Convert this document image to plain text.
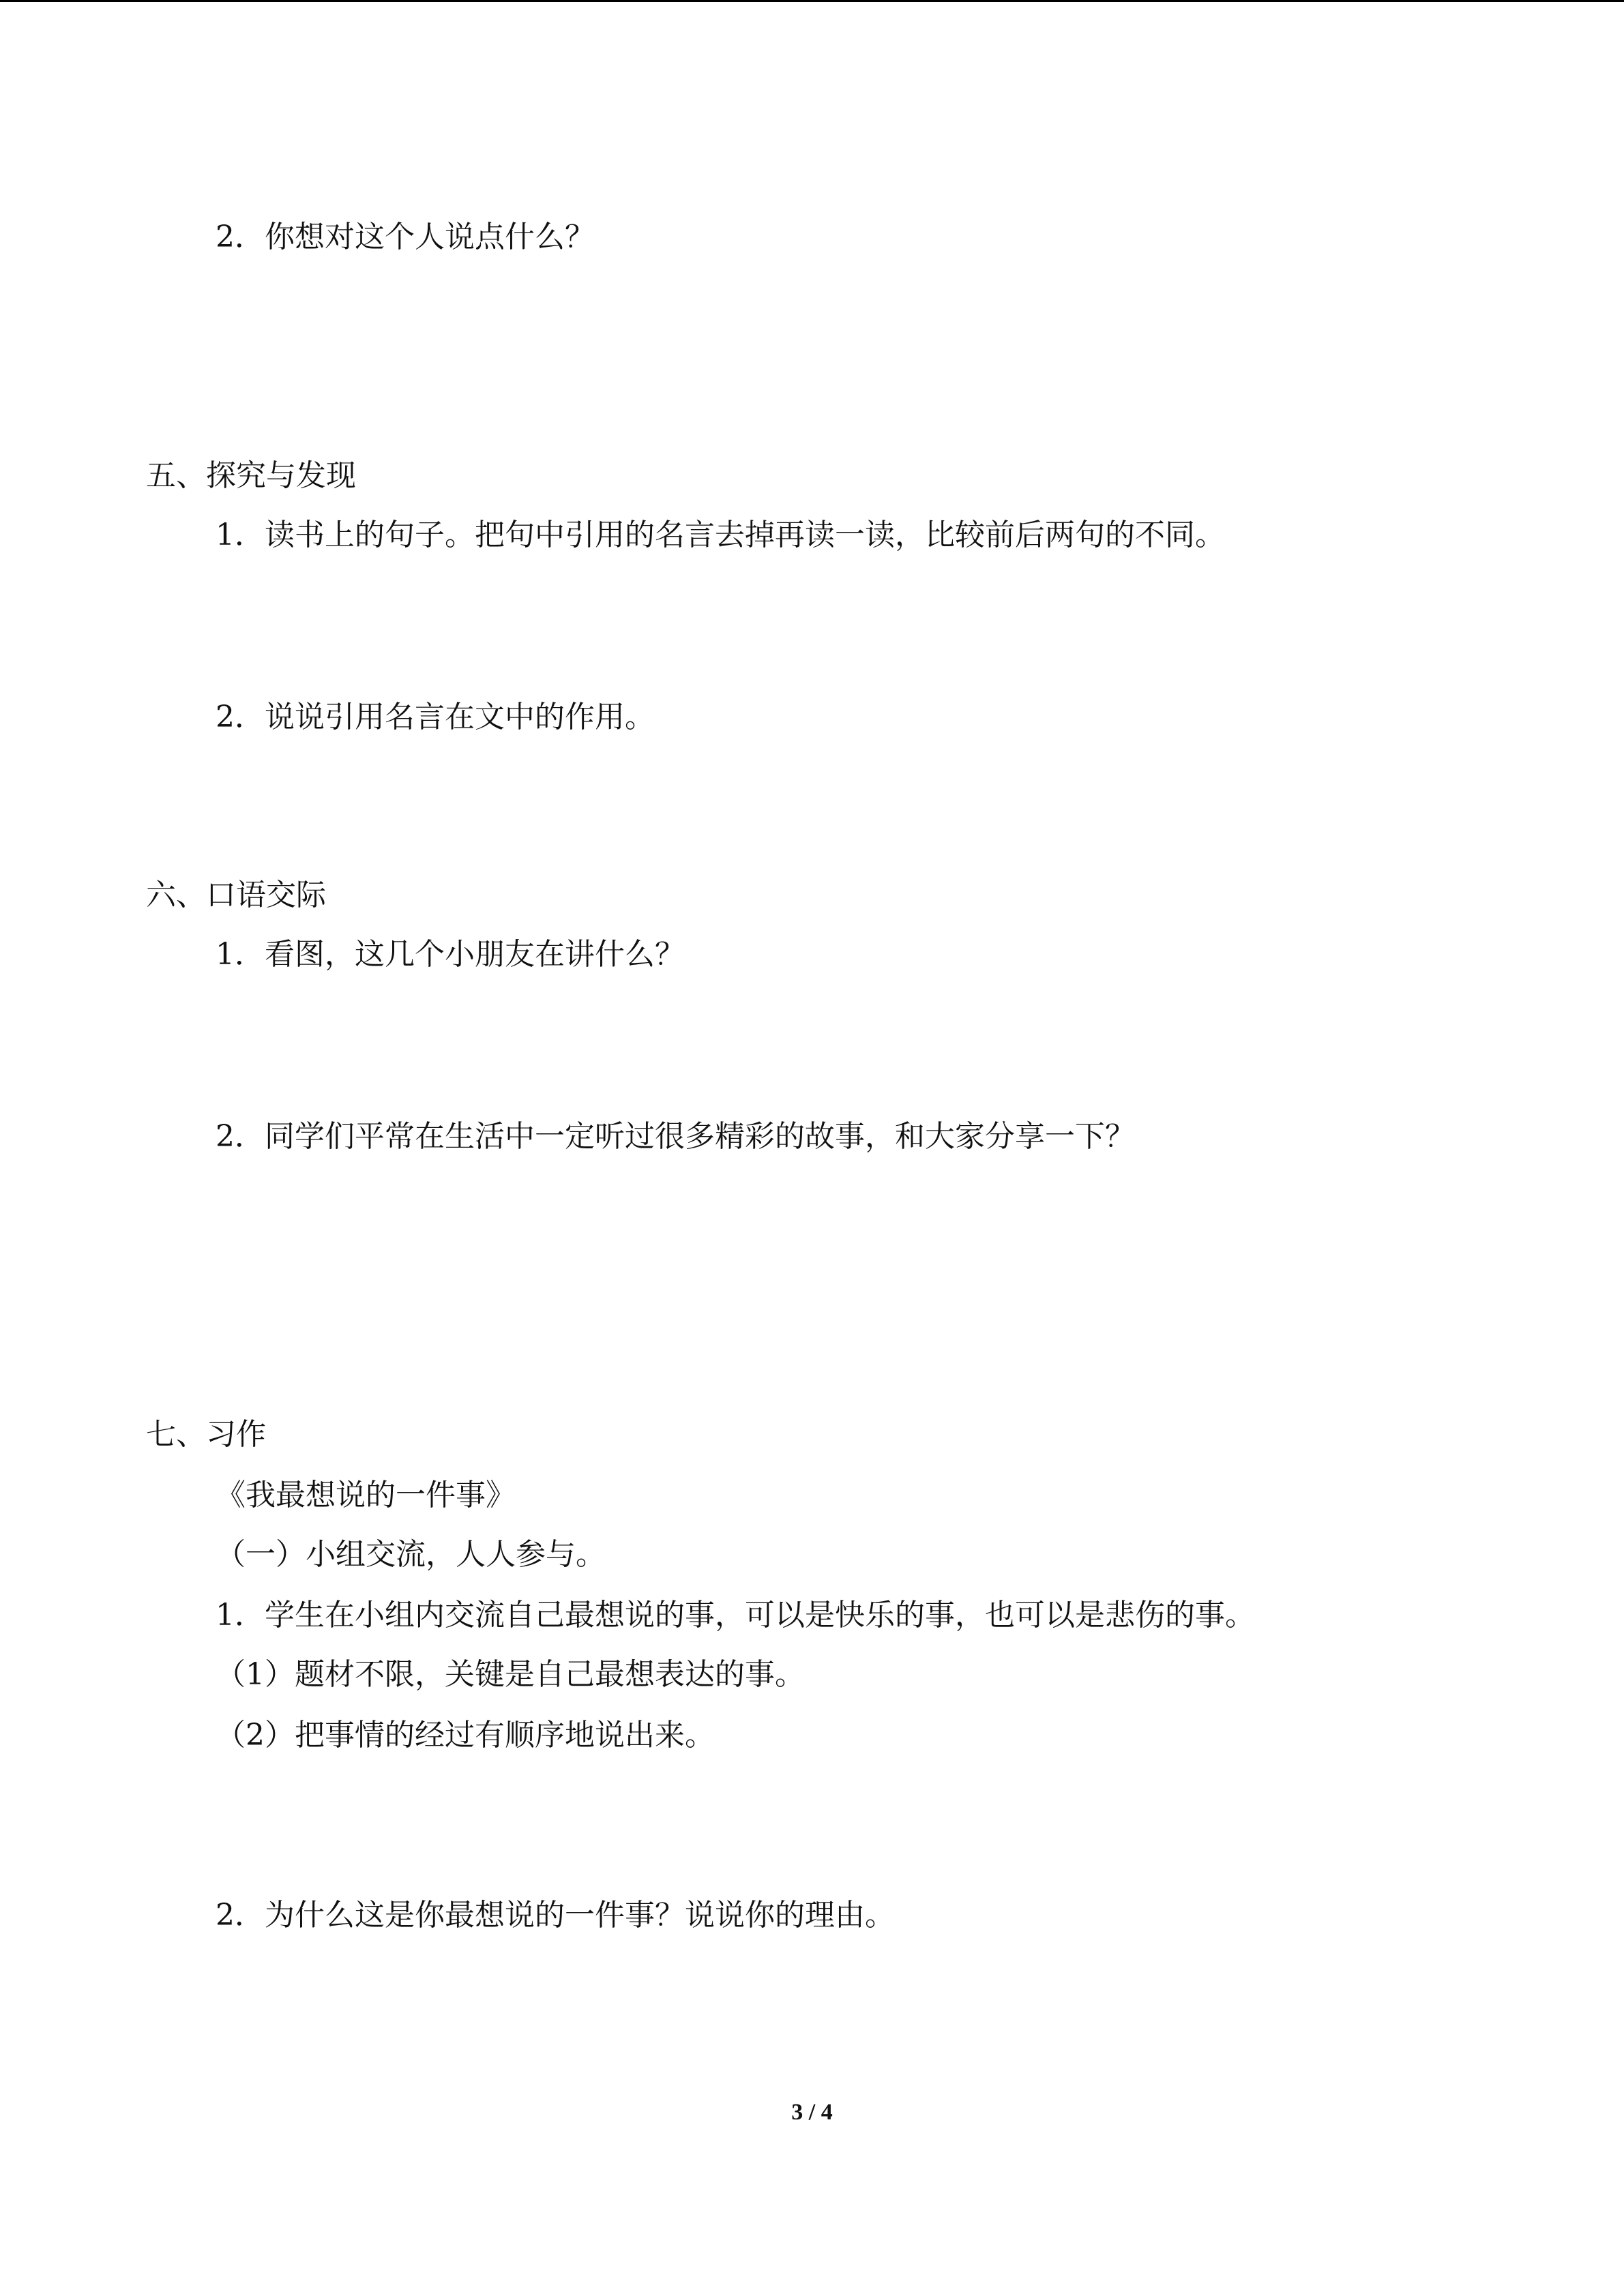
2．你想对这个人说点什么？
五、探究与发现
1．读书上的句子。把句中引用的名言去掉再读一读，比较前后两句的不同。
2．说说引用名言在文中的作用。
六、口语交际
1．看图，这几个小朋友在讲什么？
2．同学们平常在生活中一定听过很多精彩的故事，和大家分享一下？
七、习作
《我最想说的一件事》
（一）小组交流，人人参与。
1．学生在小组内交流自己最想说的事，可以是快乐的事，也可以是悲伤的事。
（1）题材不限，关键是自己最想表达的事。
（2）把事情的经过有顺序地说出来。
2．为什么这是你最想说的一件事？说说你的理由。
3 / 4
